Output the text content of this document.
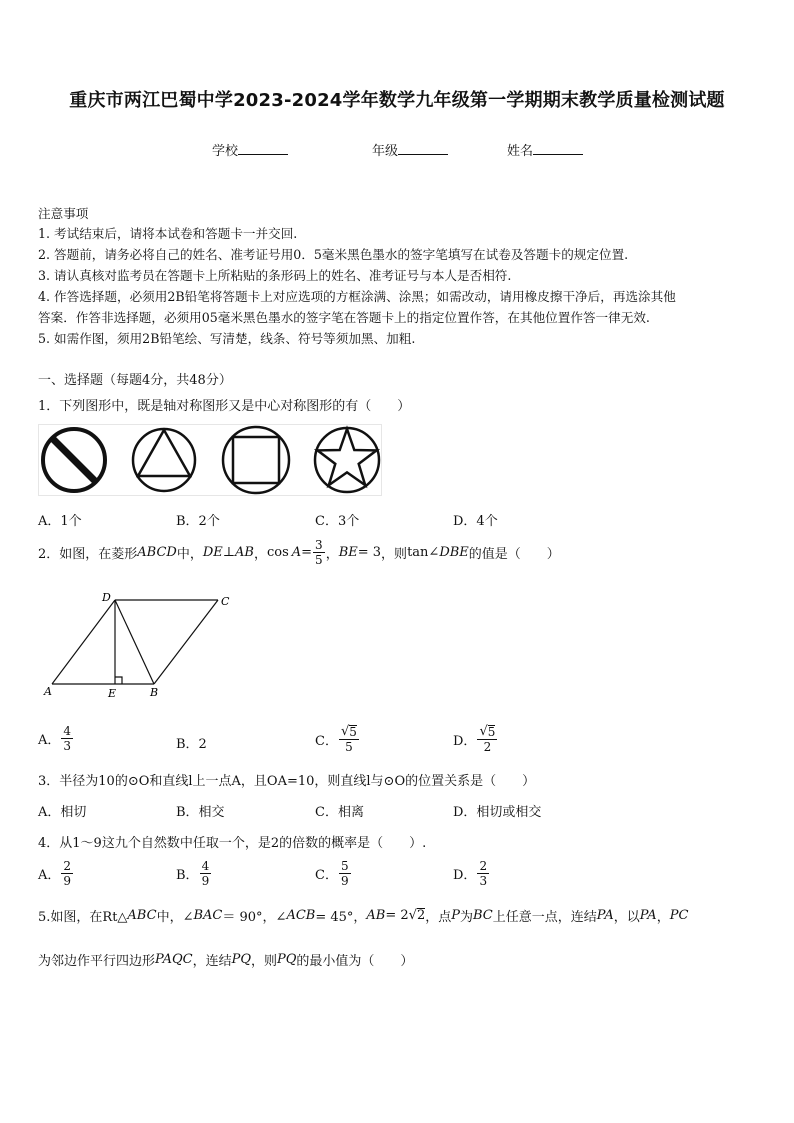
重庆市两江巴蜀中学2023-2024学年数学九年级第一学期期末教学质量检测试题
学校	年级	姓名
注意事项
1. 考试结束后，请将本试卷和答题卡一并交回.
2. 答题前，请务必将自己的姓名、准考证号用0．5毫米黑色墨水的签字笔填写在试卷及答题卡的规定位置.
3. 请认真核对监考员在答题卡上所粘贴的条形码上的姓名、准考证号与本人是否相符.
4. 作答选择题，必须用2B铅笔将答题卡上对应选项的方框涂满、涂黑；如需改动，请用橡皮擦干净后，再选涂其他
答案．作答非选择题，必须用05毫米黑色墨水的签字笔在答题卡上的指定位置作答，在其他位置作答一律无效.
5. 如需作图，须用2B铅笔绘、写清楚，线条、符号等须加黑、加粗.
一、选择题（每题4分，共48分）
1．下列图形中，既是轴对称图形又是中心对称图形的有（　　）
A．1个	B．2个	C．3个	D．4个
2．如图，在菱形 ABCD 中， DE⊥AB ， $\cos A = \frac{3}{5}$ ， BE = 3 ，则 tan∠ DBE 的值是（　　）
D	C
A	E	B
A． $\frac{4}{3}$	B．2	C． $\frac{√ 5}{5}$	D． $\frac{√ 5}{2}$
3．半径为10的⊙O和直线l上一点A，且OA=10，则直线l与⊙O的位置关系是（　　）
A．相切	B．相交	C．相离	D．相切或相交
4．从1～9这九个自然数中任取一个，是2的倍数的概率是（　　）.
A． $\frac{2}{9}$	B． $\frac{4}{9}$	C． $\frac{5}{9}$	D． $\frac{2}{3}$
5.如图，在Rt△ ABC 中，∠ BAC ＝ 90°，∠ ACB = 45°， AB = 2 √ 2 ，点 P 为 BC 上任意一点，连结 PA ，以 PA ， PC
为邻边作平行四边形 PAQC ，连结 PQ ，则 PQ 的最小值为（　　）
